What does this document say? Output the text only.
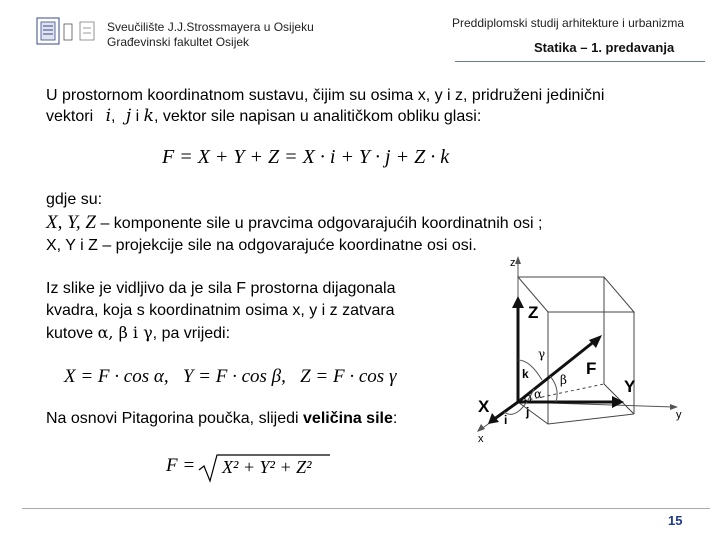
Sveučilište J.J.Strossmayera u Osijeku
Građevinski fakultet Osijek
Preddiplomski studij arhitekture i urbanizma
Statika – 1. predavanja
U prostornom koordinatnom sustavu, čijim su osima x, y i z, pridruženi jedinični
vektori i, j i k, vektor sile napisan u analitičkom obliku glasi:
F = X + Y + Z = X · i + Y · j + Z · k
gdje su:
X, Y, Z – komponente sile u pravcima odgovarajućih koordinatnih osi ;
X, Y i Z – projekcije sile na odgovarajuće koordinatne osi osi.
Iz slike je vidljivo da je sila F prostorna dijagonala
kvadra, koja s koordinatnim osima x, y i z zatvara
kutove α, β i γ, pa vrijedi:
X = F · cos α,   Y = F · cos β,   Z = F · cos γ
Na osnovi Pitagorina poučka, slijedi veličina sile:
F = X² + Y² + Z²
z
y
x
Z
Y
X
F
k
j
i
O
γ
β
α
15
